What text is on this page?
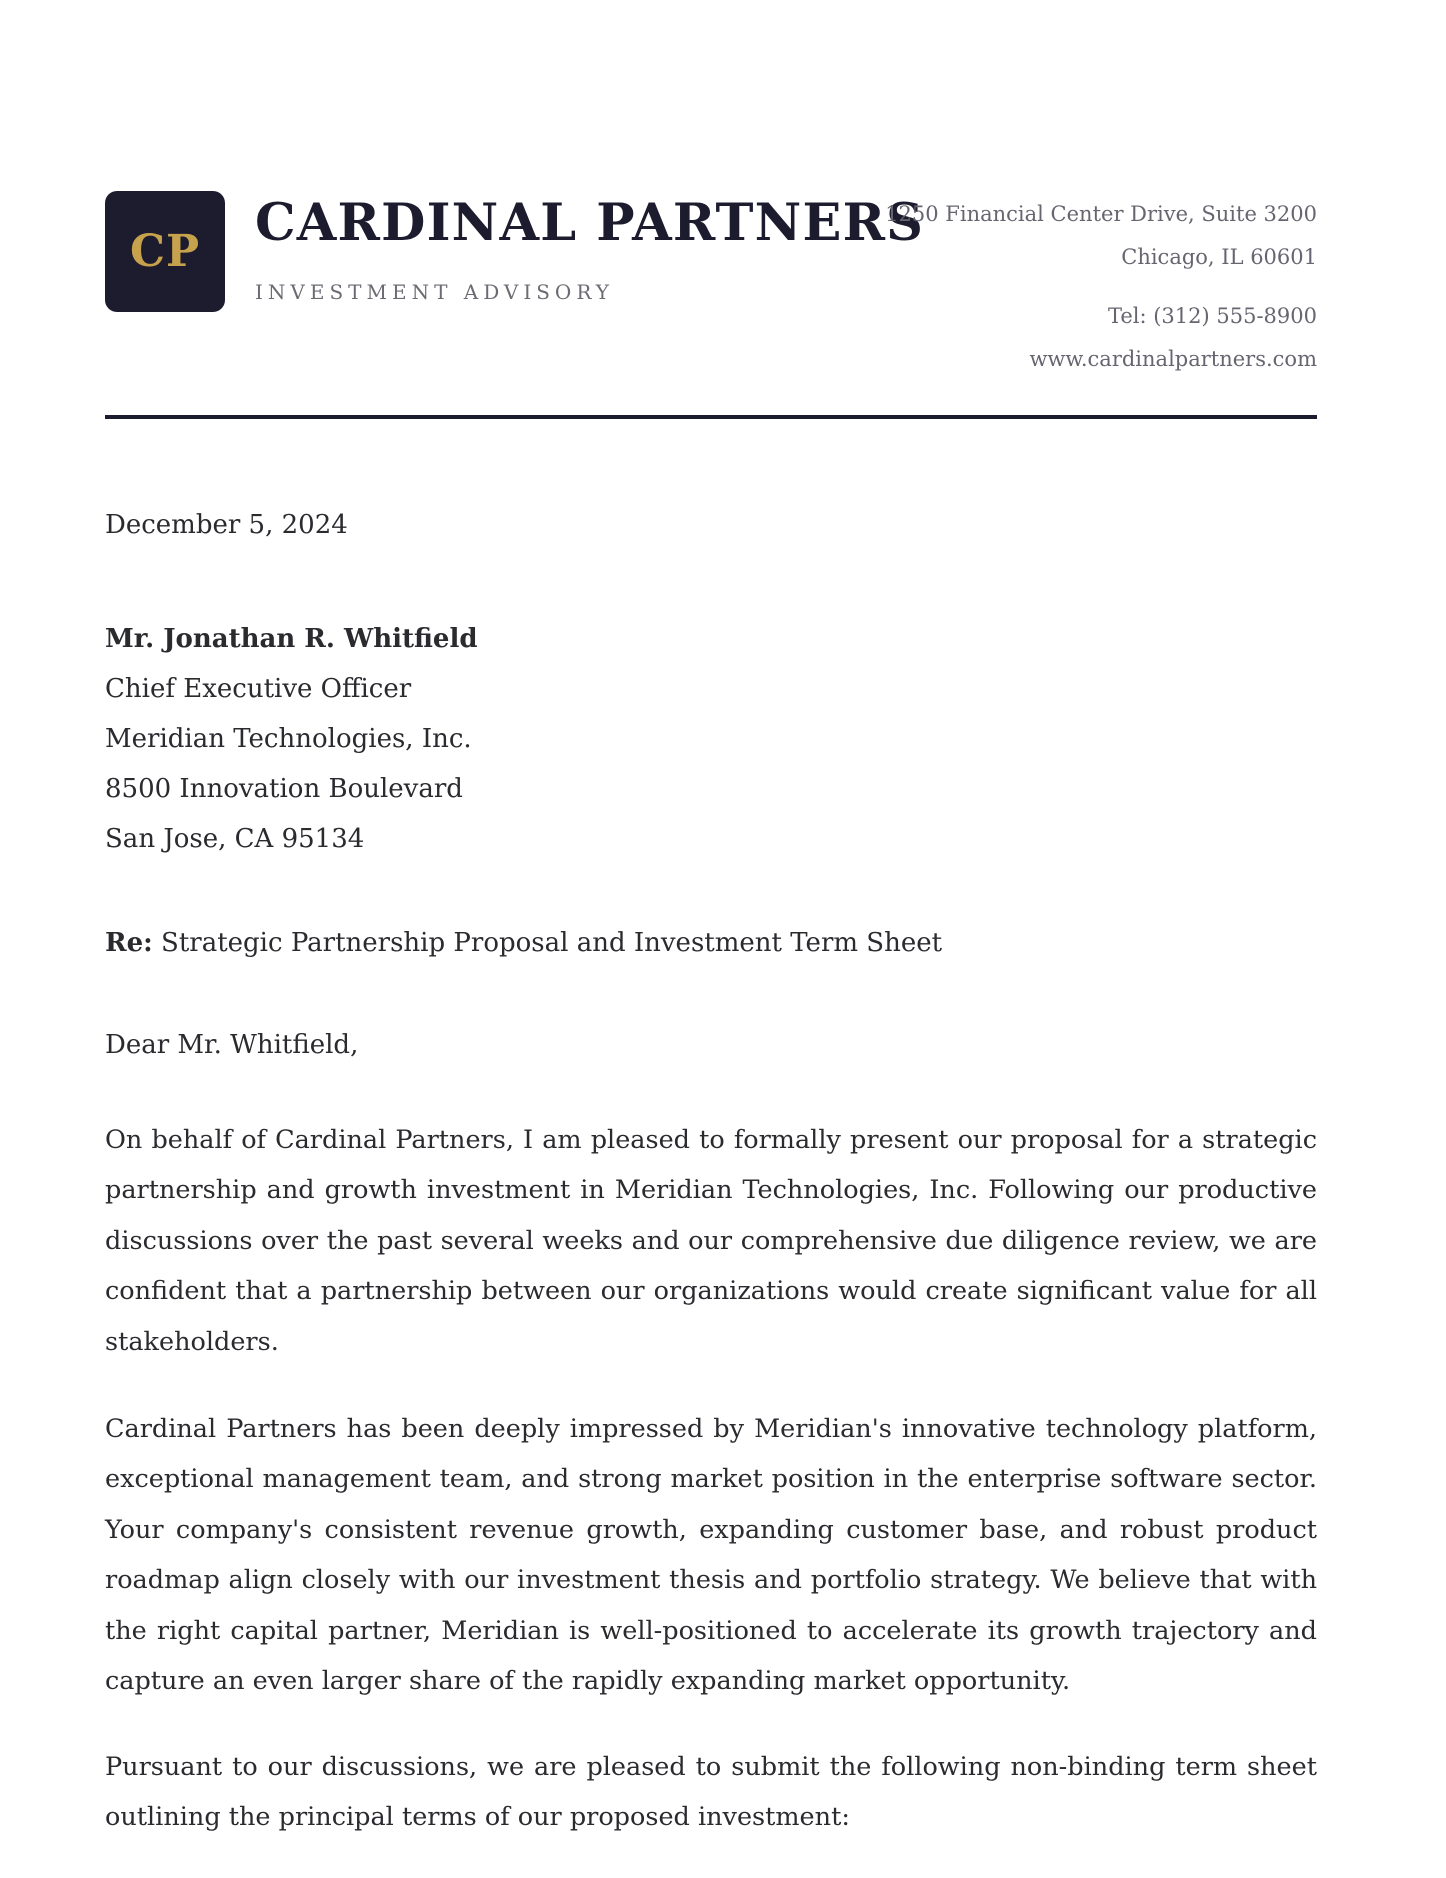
CP CARDINAL PARTNERS
INVESTMENT ADVISORY
1250 Financial Center Drive, Suite 3200
Chicago, IL 60601
Tel: (312) 555-8900
www.cardinalpartners.com
December 5, 2024
Mr. Jonathan R. Whitfield
Chief Executive Officer
Meridian Technologies, Inc.
8500 Innovation Boulevard
San Jose, CA 95134
Re: Strategic Partnership Proposal and Investment Term Sheet
Dear Mr. Whitfield,

On behalf of Cardinal Partners, I am pleased to formally present our proposal for a strategic partnership and growth investment in Meridian Technologies, Inc. Following our productive discussions over the past several weeks and our comprehensive due diligence review, we are confident that a partnership between our organizations would create significant value for all stakeholders.

Cardinal Partners has been deeply impressed by Meridian's innovative technology platform, exceptional management team, and strong market position in the enterprise software sector. Your company's consistent revenue growth, expanding customer base, and robust product roadmap align closely with our investment thesis and portfolio strategy. We believe that with the right capital partner, Meridian is well-positioned to accelerate its growth trajectory and capture an even larger share of the rapidly expanding market opportunity.

Pursuant to our discussions, we are pleased to submit the following non-binding term sheet outlining the principal terms of our proposed investment:
